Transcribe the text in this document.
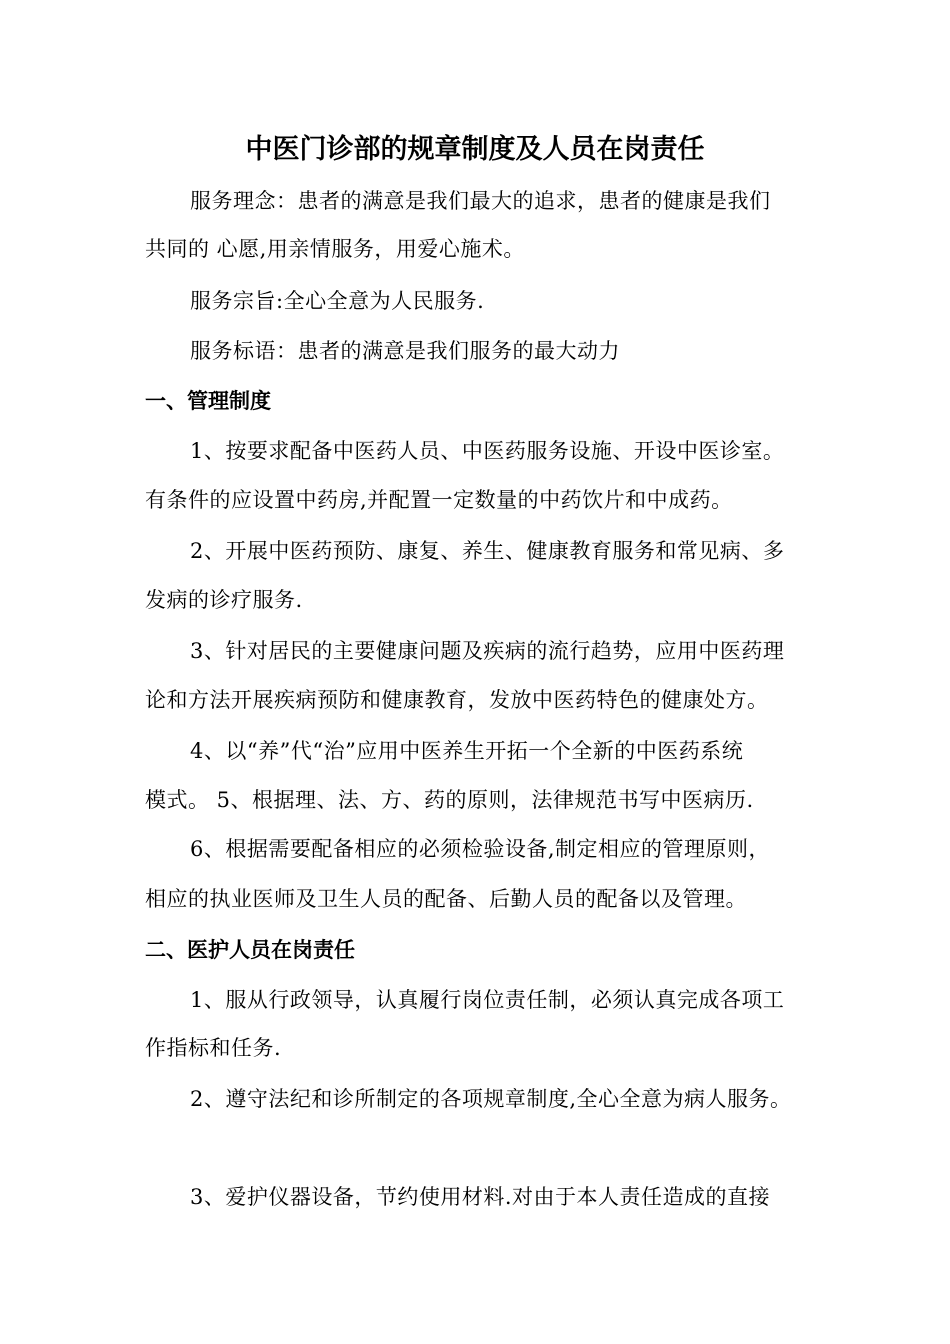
中医门诊部的规章制度及人员在岗责任
服务理念：患者的满意是我们最大的追求，患者的健康是我们
共同的 心愿,用亲情服务，用爱心施术。
服务宗旨:全心全意为人民服务.
服务标语：患者的满意是我们服务的最大动力
一、管理制度
1、按要求配备中医药人员、中医药服务设施、开设中医诊室。
有条件的应设置中药房,并配置一定数量的中药饮片和中成药。
2、开展中医药预防、康复、养生、健康教育服务和常见病、多
发病的诊疗服务.
3、针对居民的主要健康问题及疾病的流行趋势，应用中医药理
论和方法开展疾病预防和健康教育，发放中医药特色的健康处方。
4、以“养”代“治”应用中医养生开拓一个全新的中医药系统
模式。 5、根据理、法、方、药的原则，法律规范书写中医病历.
6、根据需要配备相应的必须检验设备,制定相应的管理原则，
相应的执业医师及卫生人员的配备、后勤人员的配备以及管理。
二、医护人员在岗责任
1、服从行政领导，认真履行岗位责任制，必须认真完成各项工
作指标和任务.
2、遵守法纪和诊所制定的各项规章制度,全心全意为病人服务。
3、爱护仪器设备，节约使用材料.对由于本人责任造成的直接
